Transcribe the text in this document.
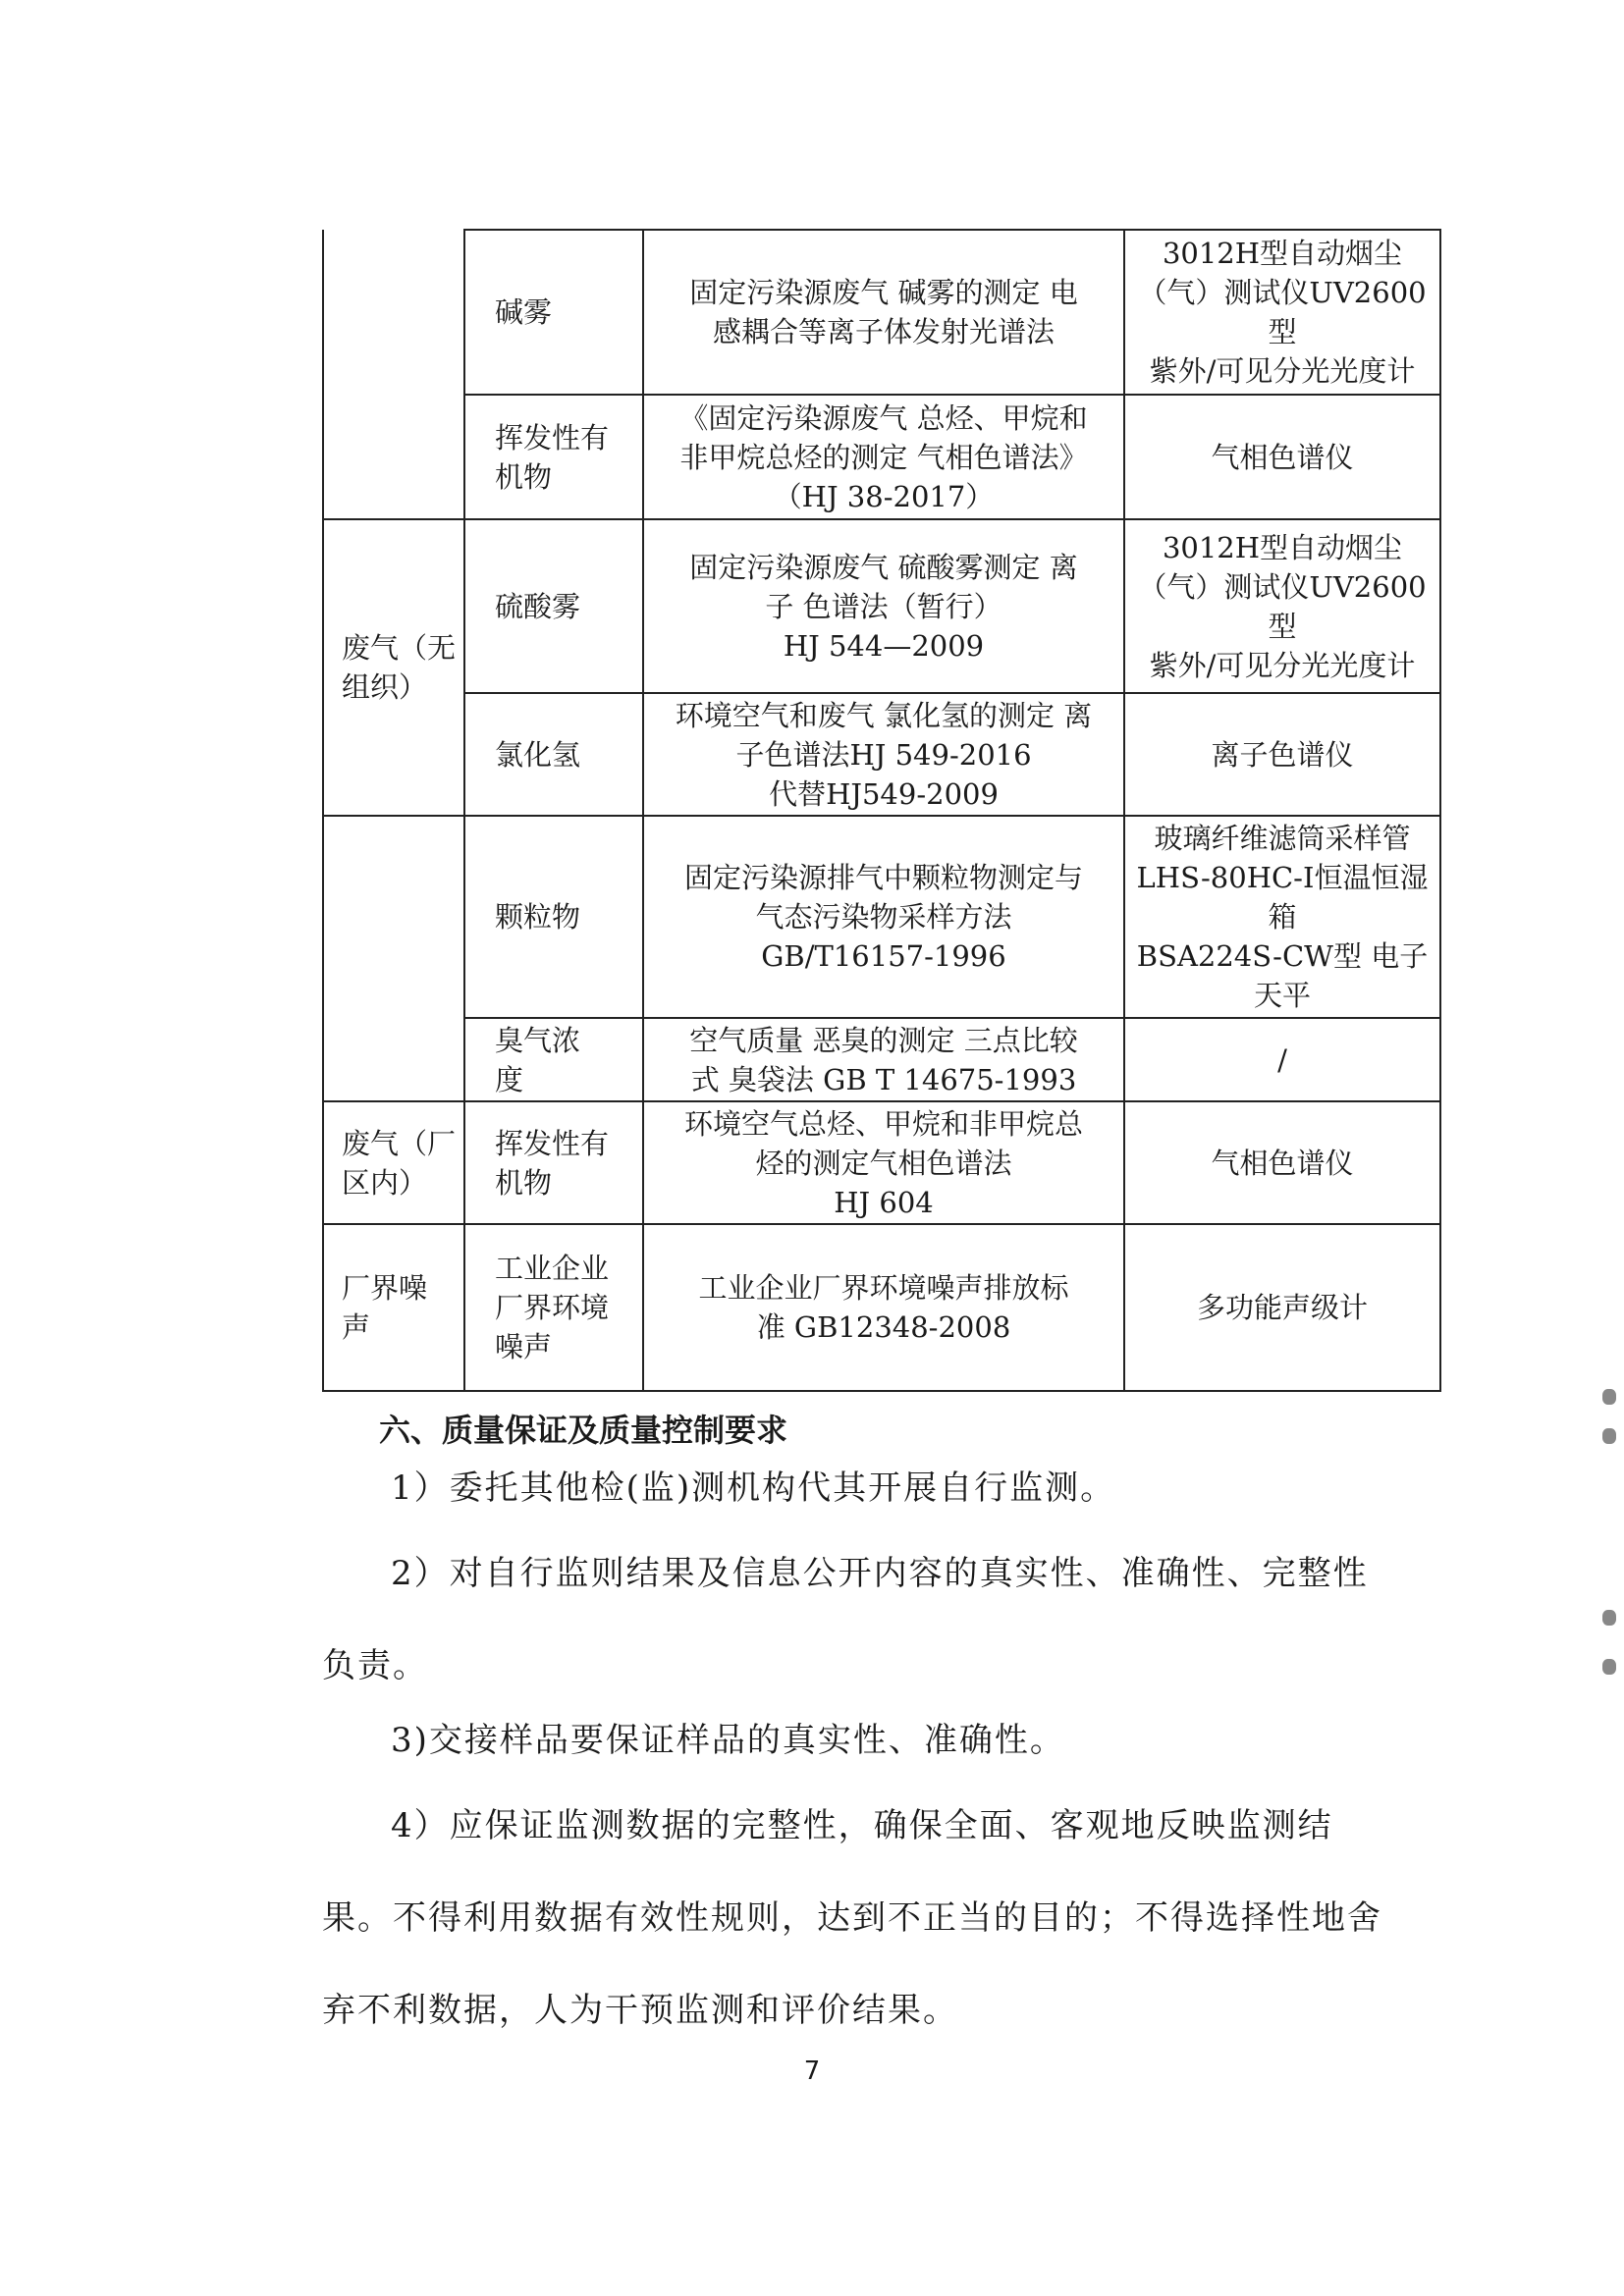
	碱雾	固定污染源废气 碱雾的测定 电
感耦合等离子体发射光谱法	3012H型自动烟尘
（气）测试仪UV2600
型
紫外/可见分光光度计
	挥发性有
机物	《固定污染源废气 总烃、甲烷和
非甲烷总烃的测定 气相色谱法》
（HJ 38-2017）	气相色谱仪
废气（无
组织）	硫酸雾	固定污染源废气 硫酸雾测定 离
子 色谱法（暂行）
HJ 544—2009	3012H型自动烟尘
（气）测试仪UV2600
型
紫外/可见分光光度计
	氯化氢	环境空气和废气 氯化氢的测定 离
子色谱法HJ 549-2016
代替HJ549-2009	离子色谱仪
	颗粒物	固定污染源排气中颗粒物测定与
气态污染物采样方法
GB/T16157-1996	玻璃纤维滤筒采样管
LHS-80HC-I恒温恒湿
箱
BSA224S-CW型 电子
天平
	臭气浓
度	空气质量 恶臭的测定 三点比较
式 臭袋法 GB T 14675-1993	/
废气（厂
区内）	挥发性有
机物	环境空气总烃、甲烷和非甲烷总
烃的测定气相色谱法
HJ 604	气相色谱仪
厂界噪
声	工业企业
厂界环境
噪声	工业企业厂界环境噪声排放标
准 GB12348-2008	多功能声级计
六、质量保证及质量控制要求

1）委托其他检(监)测机构代其开展自行监测。

2）对自行监则结果及信息公开内容的真实性、准确性、完整性负责。

3)交接样品要保证样品的真实性、准确性。

4）应保证监测数据的完整性，确保全面、客观地反映监测结果。不得利用数据有效性规则，达到不正当的目的；不得选择性地舍弃不利数据，人为干预监测和评价结果。

7
